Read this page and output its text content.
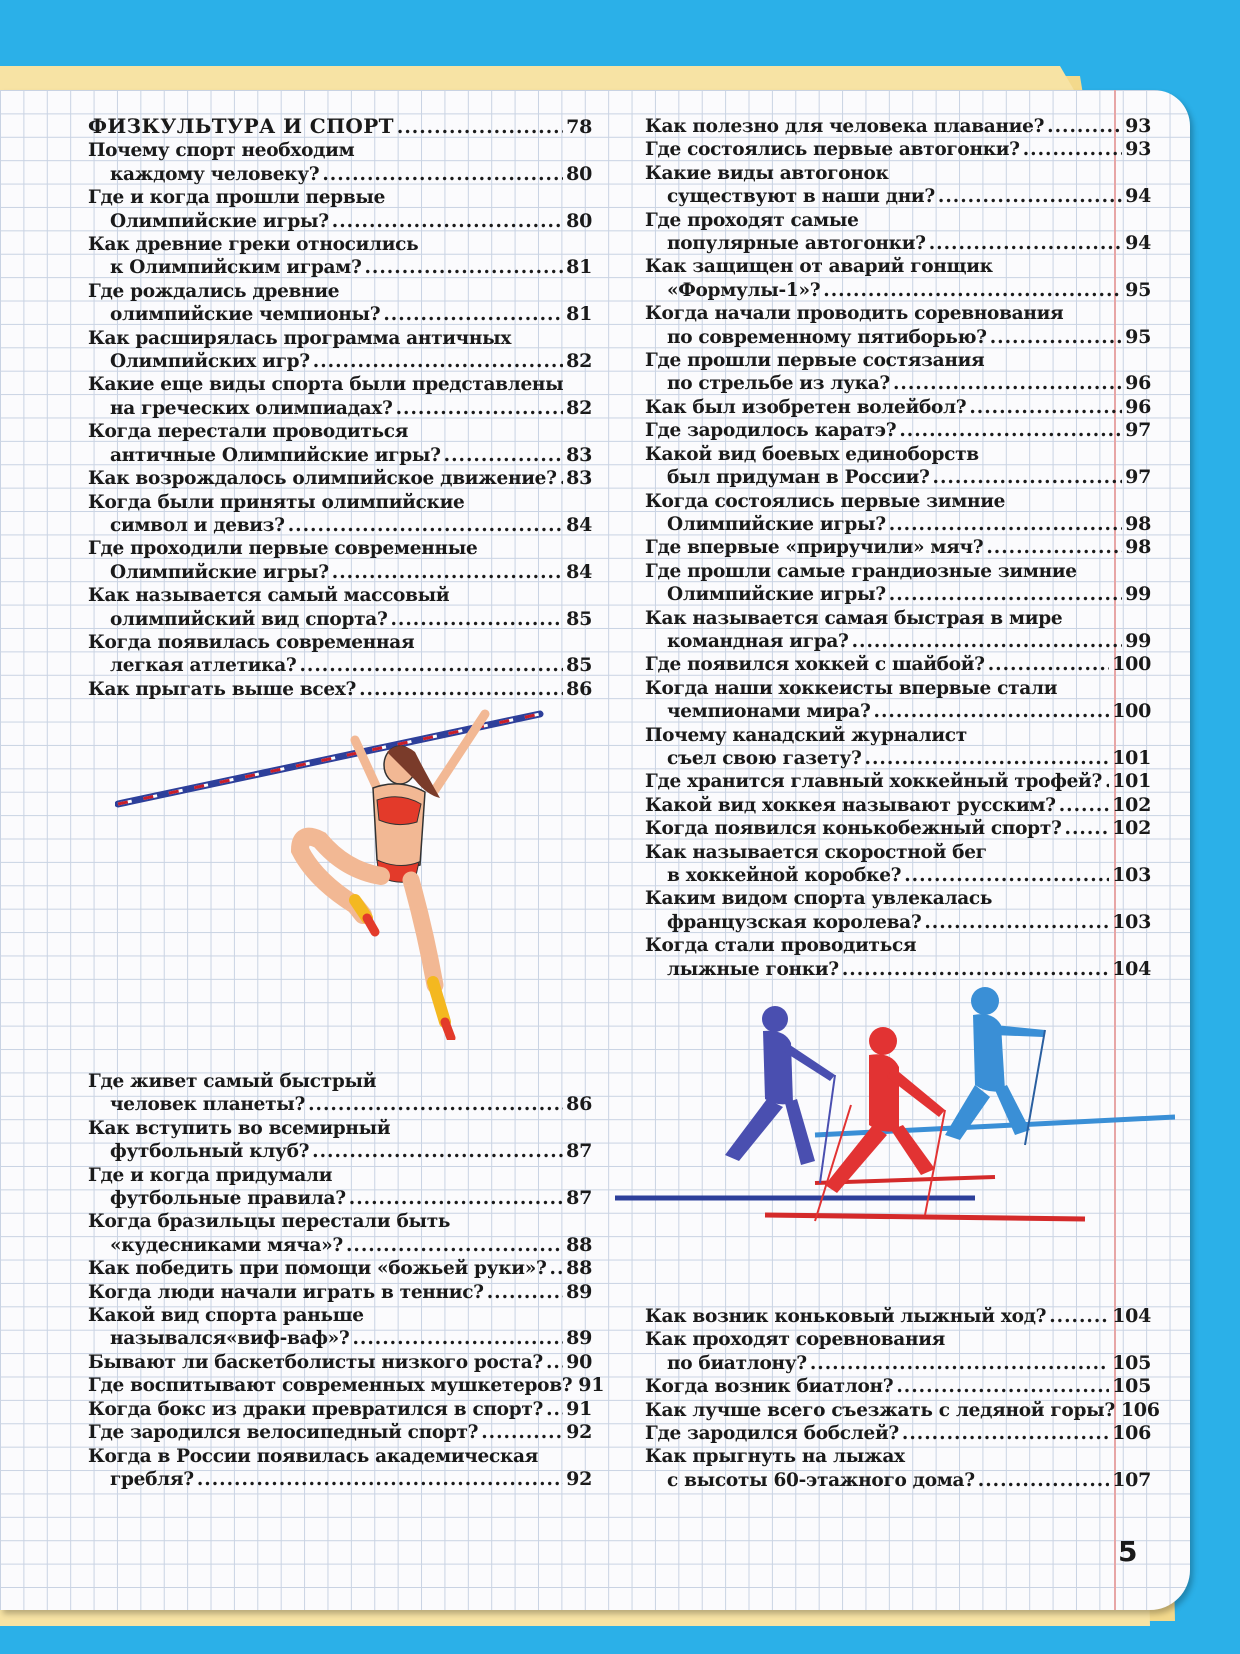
ФИЗКУЛЬТУРА И СПОРТ .....	78
Почему спорт необходим
каждому человеку? .....	80
Где и когда прошли первые
Олимпийские игры? .....	80
Как древние греки относились
к Олимпийским играм? .....	81
Где рождались древние
олимпийские чемпионы? .....	81
Как расширялась программа античных
Олимпийских игр? .....	82
Какие еще виды спорта были представлены
на греческих олимпиадах? .....	82
Когда перестали проводиться
античные Олимпийские игры? .....	83
Как возрождалось олимпийское движение? ..... 83
Когда были приняты олимпийские
символ и девиз? .....	84
Где проходили первые современные
Олимпийские игры? .....	84
Как называется самый массовый
олимпийский вид спорта? .....	85
Когда появилась современная
легкая атлетика? .....	85
Как прыгать выше всех? .....	86
Где живет самый быстрый
человек планеты? .....	86
Как вступить во всемирный
футбольный клуб? .....	87
Где и когда придумали
футбольные правила? .....	87
Когда бразильцы перестали быть
«кудесниками мяча»? .....	88
Как победить при помощи «божьей руки»? ..... 88
Когда люди начали играть в теннис? .....	89
Какой вид спорта раньше
назывался«виф-ваф»? .....	89
Бывают ли баскетболисты низкого роста? ..... 90
Где воспитывают современных мушкетеров? 91
Когда бокс из драки превратился в спорт? ..... 91
Где зародился велосипедный спорт? .....	92
Когда в России появилась академическая
гребля? .....	92
Как полезно для человека плавание? .....	93
Где состоялись первые автогонки? .....	93
Какие виды автогонок
существуют в наши дни? .....	94
Где проходят самые
популярные автогонки? .....	94
Как защищен от аварий гонщик
«Формулы-1»? .....	95
Когда начали проводить соревнования
по современному пятиборью? .....	95
Где прошли первые состязания
по стрельбе из лука? .....	96
Как был изобретен волейбол? .....	96
Где зародилось каратэ? .....	97
Какой вид боевых единоборств
был придуман в России? .....	97
Когда состоялись первые зимние
Олимпийские игры? .....	98
Где впервые «приручили» мяч? .....	98
Где прошли самые грандиозные зимние
Олимпийские игры? .....	99
Как называется самая быстрая в мире
командная игра? .....	99
Где появился хоккей с шайбой? .....	100
Когда наши хоккеисты впервые стали
чемпионами мира? .....	100
Почему канадский журналист
съел свою газету? .....	101
Где хранится главный хоккейный трофей? ..... 101
Какой вид хоккея называют русским? .....	102
Когда появился конькобежный спорт? .....	102
Как называется скоростной бег
в хоккейной коробке? .....	103
Каким видом спорта увлекалась
французская королева? .....	103
Когда стали проводиться
лыжные гонки? .....	104
Как возник коньковый лыжный ход? .....	104
Как проходят соревнования
по биатлону? .....	105
Когда возник биатлон? .....	105
Как лучше всего съезжать с ледяной горы? 106
Где зародился бобслей? .....	106
Как прыгнуть на лыжах
с высоты 60-этажного дома? .....	107
5
